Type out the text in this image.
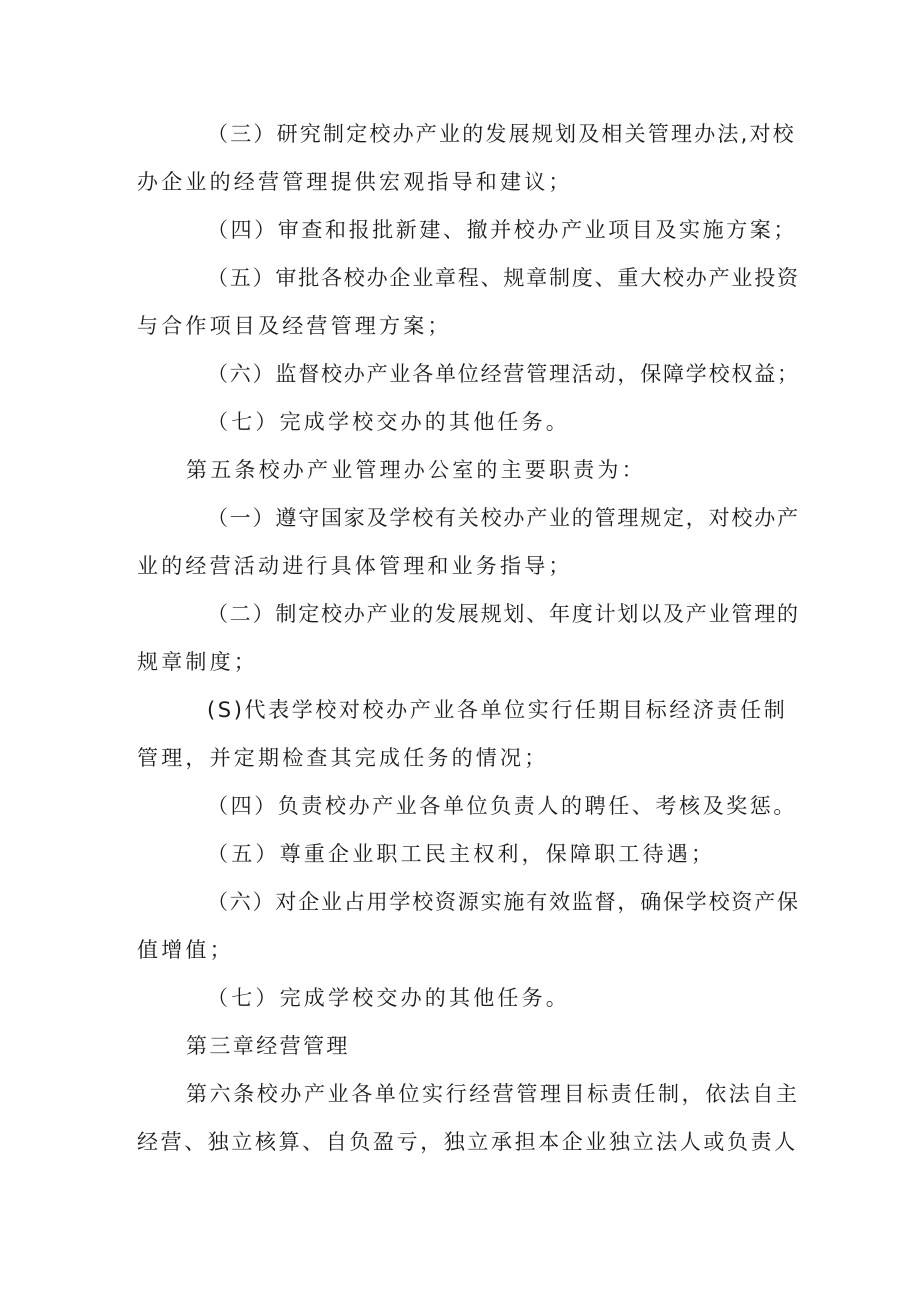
（三）研究制定校办产业的发展规划及相关管理办法,对校
办企业的经营管理提供宏观指导和建议；
（四）审查和报批新建、撤并校办产业项目及实施方案；
（五）审批各校办企业章程、规章制度、重大校办产业投资
与合作项目及经营管理方案；
（六）监督校办产业各单位经营管理活动，保障学校权益；
（七）完成学校交办的其他任务。
第五条校办产业管理办公室的主要职责为：
（一）遵守国家及学校有关校办产业的管理规定，对校办产
业的经营活动进行具体管理和业务指导；
（二）制定校办产业的发展规划、年度计划以及产业管理的
规章制度；
(S)代表学校对校办产业各单位实行任期目标经济责任制
管理，并定期检查其完成任务的情况；
（四）负责校办产业各单位负责人的聘任、考核及奖惩。
（五）尊重企业职工民主权利，保障职工待遇；
（六）对企业占用学校资源实施有效监督，确保学校资产保
值增值；
（七）完成学校交办的其他任务。
第三章经营管理
第六条校办产业各单位实行经营管理目标责任制，依法自主
经营、独立核算、自负盈亏，独立承担本企业独立法人或负责人
